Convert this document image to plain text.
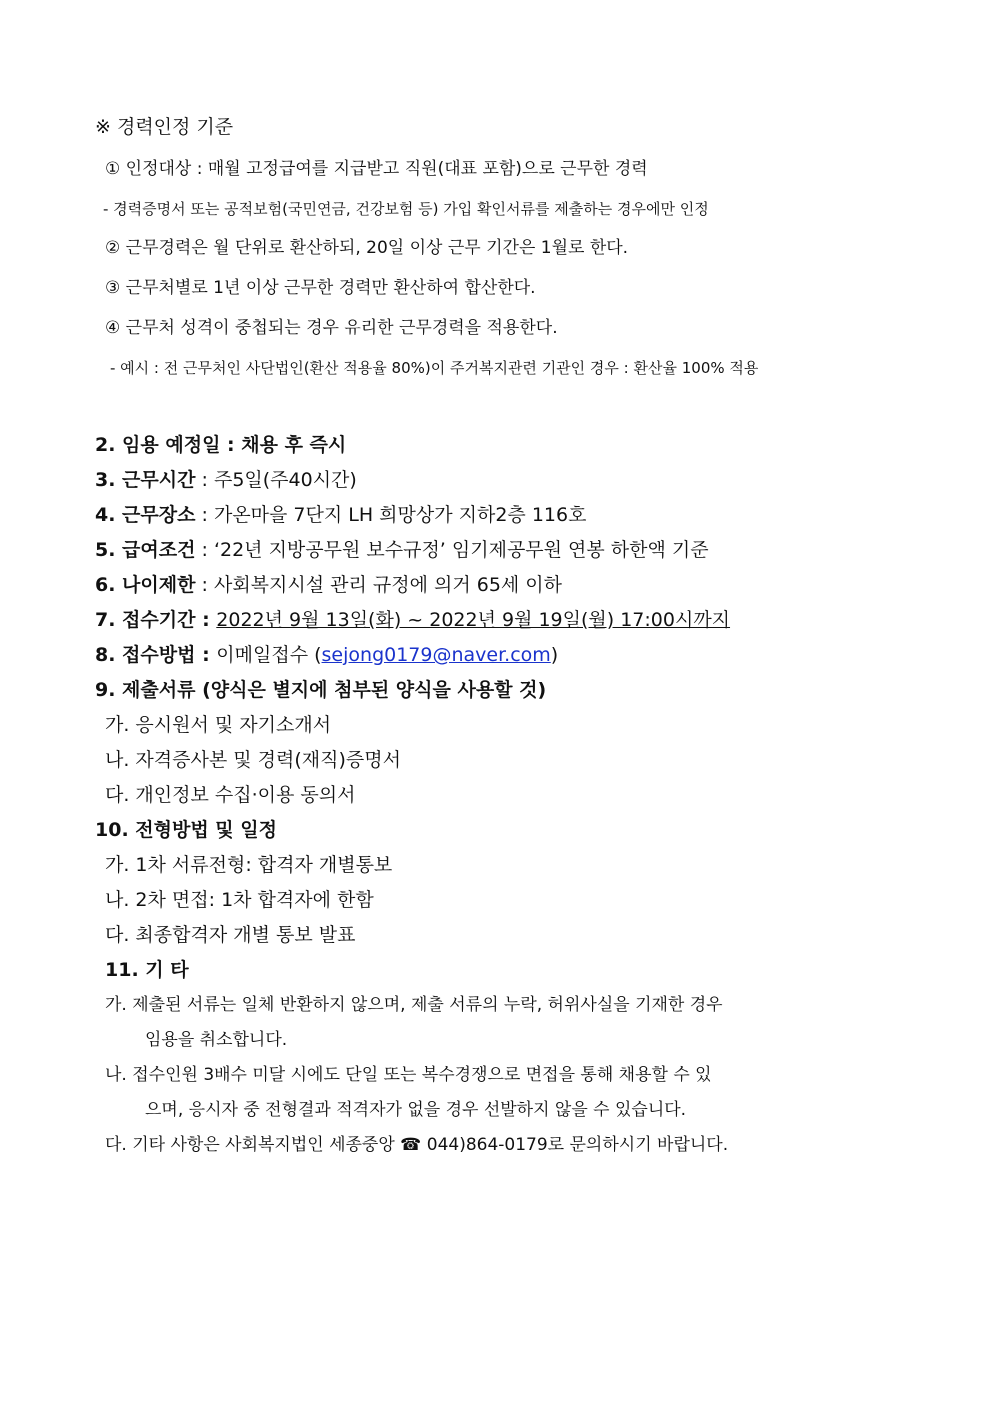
※ 경력인정 기준
① 인정대상 : 매월 고정급여를 지급받고 직원(대표 포함)으로 근무한 경력
- 경력증명서 또는 공적보험(국민연금, 건강보험 등) 가입 확인서류를 제출하는 경우에만 인정
② 근무경력은 월 단위로 환산하되, 20일 이상 근무 기간은 1월로 한다.
③ 근무처별로 1년 이상 근무한 경력만 환산하여 합산한다.
④ 근무처 성격이 중첩되는 경우 유리한 근무경력을 적용한다.
- 예시 : 전 근무처인 사단법인(환산 적용율 80%)이 주거복지관련 기관인 경우 : 환산율 100% 적용
2. 임용 예정일 : 채용 후 즉시
3. 근무시간 : 주5일(주40시간)
4. 근무장소 : 가온마을 7단지 LH 희망상가 지하2층 116호
5. 급여조건 : ‘22년 지방공무원 보수규정’ 임기제공무원 연봉 하한액 기준
6. 나이제한 : 사회복지시설 관리 규정에 의거 65세 이하
7. 접수기간 : 2022년 9월 13일(화) ~ 2022년 9월 19일(월) 17:00시까지
8. 접수방법 : 이메일접수 (sejong0179@naver.com)
9. 제출서류 (양식은 별지에 첨부된 양식을 사용할 것)
가. 응시원서 및 자기소개서
나. 자격증사본 및 경력(재직)증명서
다. 개인정보 수집·이용 동의서
10. 전형방법 및 일정
가. 1차 서류전형: 합격자 개별통보
나. 2차 면접: 1차 합격자에 한함
다. 최종합격자 개별 통보 발표
11. 기 타
가. 제출된 서류는 일체 반환하지 않으며, 제출 서류의 누락, 허위사실을 기재한 경우
임용을 취소합니다.
나. 접수인원 3배수 미달 시에도 단일 또는 복수경쟁으로 면접을 통해 채용할 수 있
으며, 응시자 중 전형결과 적격자가 없을 경우 선발하지 않을 수 있습니다.
다. 기타 사항은 사회복지법인 세종중앙 ☎ 044)864-0179로 문의하시기 바랍니다.
